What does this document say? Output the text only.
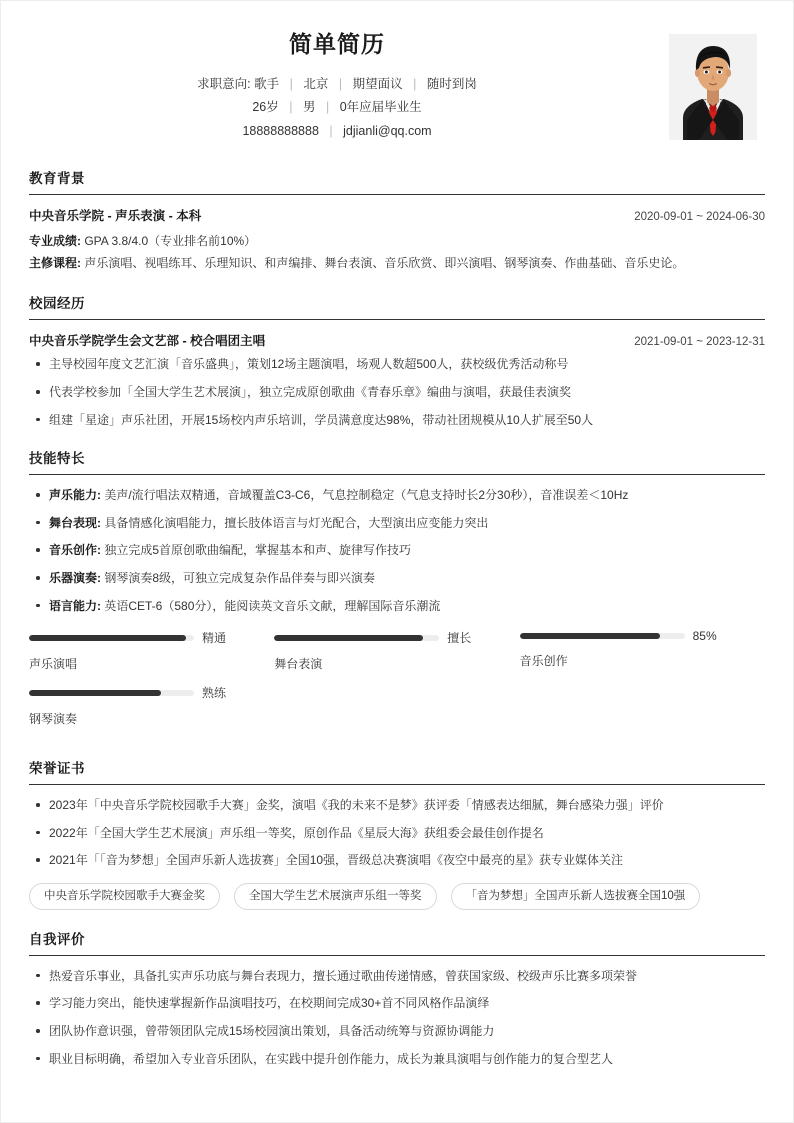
简单简历
求职意向: 歌手 | 北京 | 期望面议 | 随时到岗
26岁 | 男 | 0年应届毕业生
18888888888 | jdjianli@qq.com
教育背景
中央音乐学院 - 声乐表演 - 本科	2020-09-01 ~ 2024-06-30
专业成绩: GPA 3.8/4.0（专业排名前10%）
主修课程: 声乐演唱、视唱练耳、乐理知识、和声编排、舞台表演、音乐欣赏、即兴演唱、钢琴演奏、作曲基础、音乐史论。
校园经历
中央音乐学院学生会文艺部 - 校合唱团主唱	2021-09-01 ~ 2023-12-31
主导校园年度文艺汇演「音乐盛典」，策划12场主题演唱，场观人数超500人，获校级优秀活动称号
代表学校参加「全国大学生艺术展演」，独立完成原创歌曲《青春乐章》编曲与演唱，获最佳表演奖
组建「星途」声乐社团，开展15场校内声乐培训，学员满意度达98%，带动社团规模从10人扩展至50人
技能特长
声乐能力: 美声/流行唱法双精通，音域覆盖C3-C6，气息控制稳定（气息支持时长2分30秒），音准误差＜10Hz
舞台表现: 具备情感化演唱能力，擅长肢体语言与灯光配合，大型演出应变能力突出
音乐创作: 独立完成5首原创歌曲编配，掌握基本和声、旋律写作技巧
乐器演奏: 钢琴演奏8级，可独立完成复杂作品伴奏与即兴演奏
语言能力: 英语CET-6（580分），能阅读英文音乐文献，理解国际音乐潮流
精通
声乐演唱
擅长
舞台表演
85%
音乐创作
熟练
钢琴演奏
荣誉证书
2023年「中央音乐学院校园歌手大赛」金奖，演唱《我的未来不是梦》获评委「情感表达细腻，舞台感染力强」评价
2022年「全国大学生艺术展演」声乐组一等奖，原创作品《星辰大海》获组委会最佳创作提名
2021年「「音为梦想」全国声乐新人选拔赛」全国10强，晋级总决赛演唱《夜空中最亮的星》获专业媒体关注
中央音乐学院校园歌手大赛金奖	全国大学生艺术展演声乐组一等奖	「音为梦想」全国声乐新人选拔赛全国10强
自我评价
热爱音乐事业，具备扎实声乐功底与舞台表现力，擅长通过歌曲传递情感，曾获国家级、校级声乐比赛多项荣誉
学习能力突出，能快速掌握新作品演唱技巧，在校期间完成30+首不同风格作品演绎
团队协作意识强，曾带领团队完成15场校园演出策划，具备活动统筹与资源协调能力
职业目标明确，希望加入专业音乐团队，在实践中提升创作能力，成长为兼具演唱与创作能力的复合型艺人
